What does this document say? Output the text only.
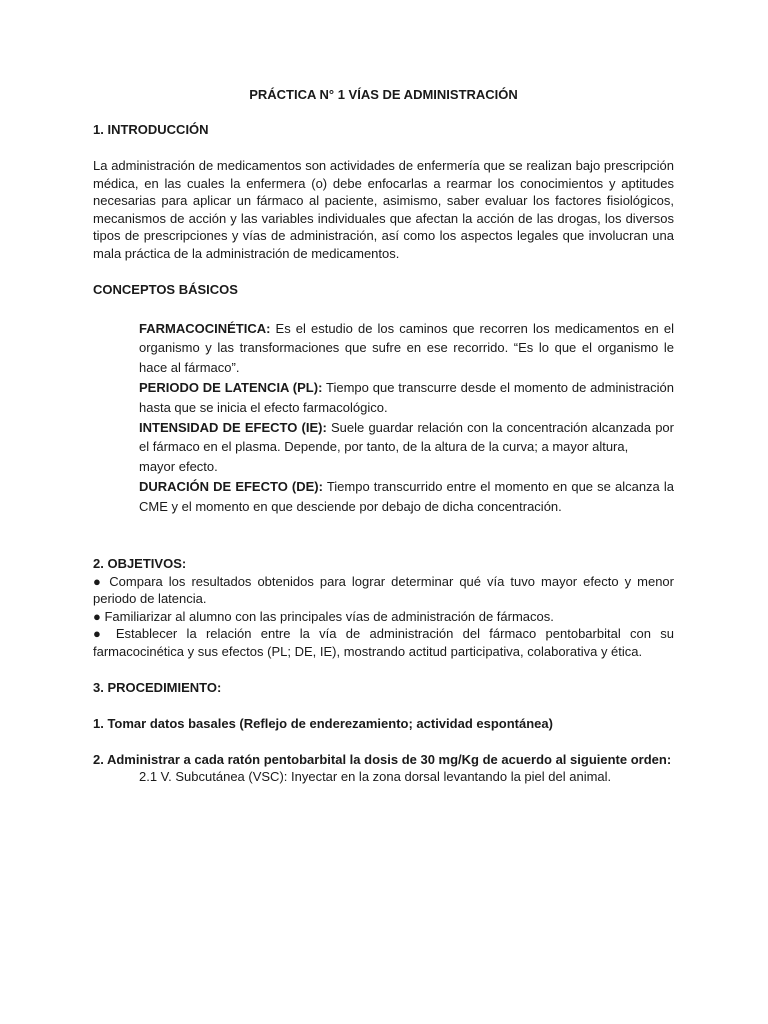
PRÁCTICA N° 1 VÍAS DE ADMINISTRACIÓN

1. INTRODUCCIÓN

La administración de medicamentos son actividades de enfermería que se realizan bajo prescripción médica, en las cuales la enfermera (o) debe enfocarlas a rearmar los conocimientos y aptitudes necesarias para aplicar un fármaco al paciente, asimismo, saber evaluar los factores fisiológicos, mecanismos de acción y las variables individuales que afectan la acción de las drogas, los diversos tipos de prescripciones y vías de administración, así como los aspectos legales que involucran una mala práctica de la administración de medicamentos.

CONCEPTOS BÁSICOS

FARMACOCINÉTICA: Es el estudio de los caminos que recorren los medicamentos en el organismo y las transformaciones que sufre en ese recorrido. “Es lo que el organismo le hace al fármaco”.

PERIODO DE LATENCIA (PL): Tiempo que transcurre desde el momento de administración hasta que se inicia el efecto farmacológico.

INTENSIDAD DE EFECTO (IE): Suele guardar relación con la concentración alcanzada por el fármaco en el plasma. Depende, por tanto, de la altura de la curva; a mayor altura,

mayor efecto.

DURACIÓN DE EFECTO (DE): Tiempo transcurrido entre el momento en que se alcanza la CME y el momento en que desciende por debajo de dicha concentración.

2. OBJETIVOS:

● Compara los resultados obtenidos para lograr determinar qué vía tuvo mayor efecto y menor periodo de latencia.

● Familiarizar al alumno con las principales vías de administración de fármacos.

● Establecer la relación entre la vía de administración del fármaco pentobarbital con su farmacocinética y sus efectos (PL; DE, IE), mostrando actitud participativa, colaborativa y ética.

3. PROCEDIMIENTO:

1. Tomar datos basales (Reflejo de enderezamiento; actividad espontánea)

2. Administrar a cada ratón pentobarbital la dosis de 30 mg/Kg de acuerdo al siguiente orden:

2.1 V. Subcutánea (VSC): Inyectar en la zona dorsal levantando la piel del animal.
